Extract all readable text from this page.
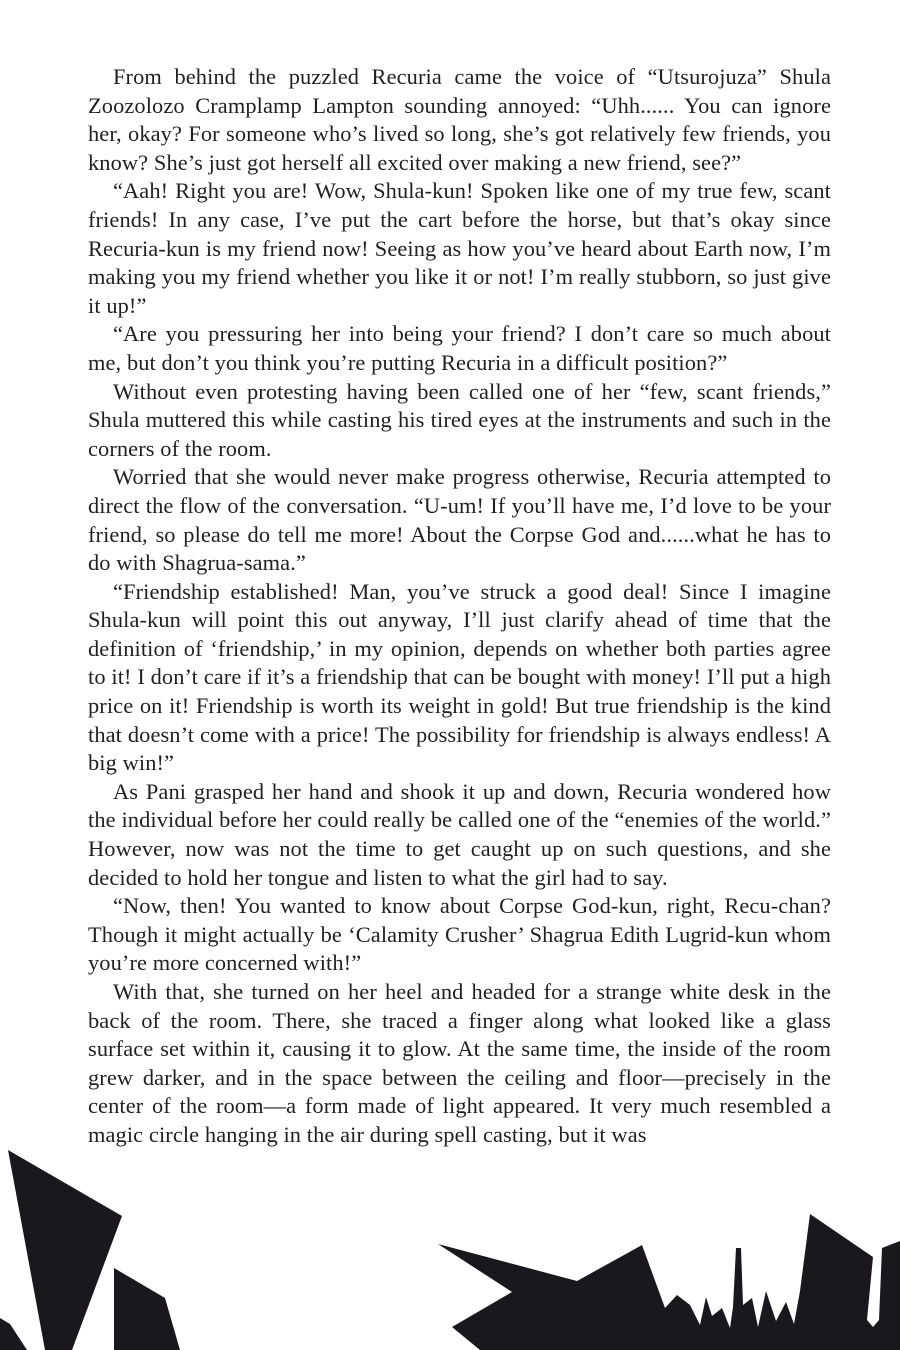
From behind the puzzled Recuria came the voice of “Utsurojuza” Shula Zoozolozo Cramplamp Lampton sounding annoyed: “Uhh...... You can ignore her, okay? For someone who’s lived so long, she’s got relatively few friends, you know? She’s just got herself all excited over making a new friend, see?”

“Aah! Right you are! Wow, Shula-kun! Spoken like one of my true few, scant friends! In any case, I’ve put the cart before the horse, but that’s okay since Recuria-kun is my friend now! Seeing as how you’ve heard about Earth now, I’m making you my friend whether you like it or not! I’m really stubborn, so just give it up!”

“Are you pressuring her into being your friend? I don’t care so much about me, but don’t you think you’re putting Recuria in a difficult position?”

Without even protesting having been called one of her “few, scant friends,” Shula muttered this while casting his tired eyes at the instruments and such in the corners of the room.

Worried that she would never make progress otherwise, Recuria attempted to direct the flow of the conversation. “U-um! If you’ll have me, I’d love to be your friend, so please do tell me more! About the Corpse God and......what he has to do with Shagrua-sama.”

“Friendship established! Man, you’ve struck a good deal! Since I imagine Shula-kun will point this out anyway, I’ll just clarify ahead of time that the definition of ‘friendship,’ in my opinion, depends on whether both parties agree to it! I don’t care if it’s a friendship that can be bought with money! I’ll put a high price on it! Friendship is worth its weight in gold! But true friendship is the kind that doesn’t come with a price! The possibility for friendship is always endless! A big win!”

As Pani grasped her hand and shook it up and down, Recuria wondered how the individual before her could really be called one of the “enemies of the world.” However, now was not the time to get caught up on such questions, and she decided to hold her tongue and listen to what the girl had to say.

“Now, then! You wanted to know about Corpse God-kun, right, Recu-chan? Though it might actually be ‘Calamity Crusher’ Shagrua Edith Lugrid-kun whom you’re more concerned with!”

With that, she turned on her heel and headed for a strange white desk in the back of the room. There, she traced a finger along what looked like a glass surface set within it, causing it to glow. At the same time, the inside of the room grew darker, and in the space between the ceiling and floor—precisely in the center of the room—a form made of light appeared. It very much resembled a magic circle hanging in the air during spell casting, but it was
